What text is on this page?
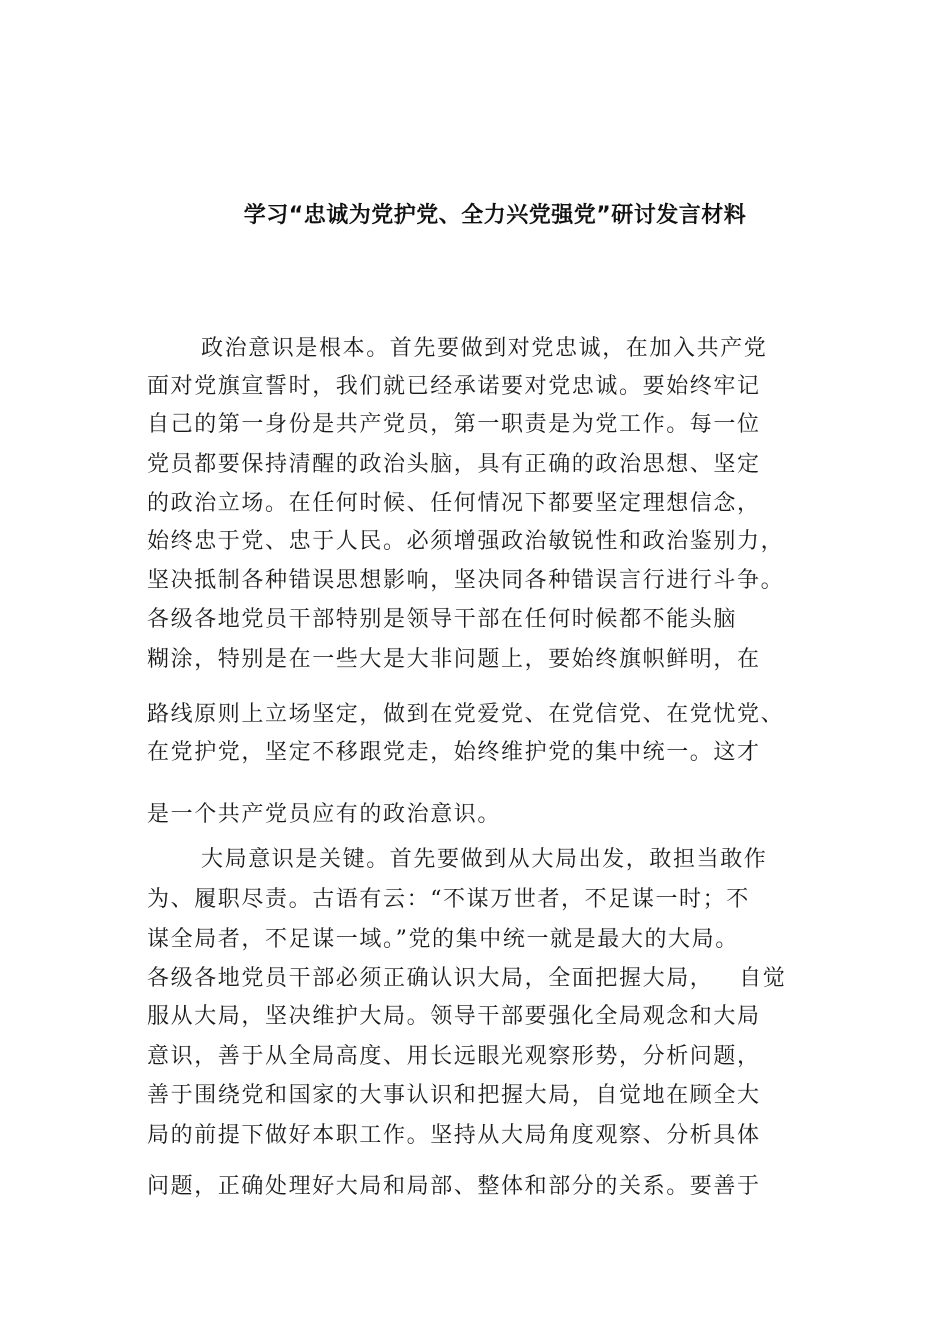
学习“忠诚为党护党、全力兴党强党”研讨发言材料
政治意识是根本。首先要做到对党忠诚，在加入共产党
面对党旗宣誓时，我们就已经承诺要对党忠诚。要始终牢记
自己的第一身份是共产党员，第一职责是为党工作。每一位
党员都要保持清醒的政治头脑，具有正确的政治思想、坚定
的政治立场。在任何时候、任何情况下都要坚定理想信念，
始终忠于党、忠于人民。必须增强政治敏锐性和政治鉴别力，
坚决抵制各种错误思想影响，坚决同各种错误言行进行斗争。
各级各地党员干部特别是领导干部在任何时候都不能头脑
糊涂，特别是在一些大是大非问题上，要始终旗帜鲜明，在
路线原则上立场坚定，做到在党爱党、在党信党、在党忧党、
在党护党，坚定不移跟党走，始终维护党的集中统一。这才
是一个共产党员应有的政治意识。
大局意识是关键。首先要做到从大局出发，敢担当敢作
为、履职尽责。古语有云：“不谋万世者，不足谋一时；不
谋全局者，不足谋一域。”党的集中统一就是最大的大局。
各级各地党员干部必须正确认识大局，全面把握大局，   自觉
服从大局，坚决维护大局。领导干部要强化全局观念和大局
意识，善于从全局高度、用长远眼光观察形势，分析问题，
善于围绕党和国家的大事认识和把握大局，自觉地在顾全大
局的前提下做好本职工作。坚持从大局角度观察、分析具体
问题，正确处理好大局和局部、整体和部分的关系。要善于
